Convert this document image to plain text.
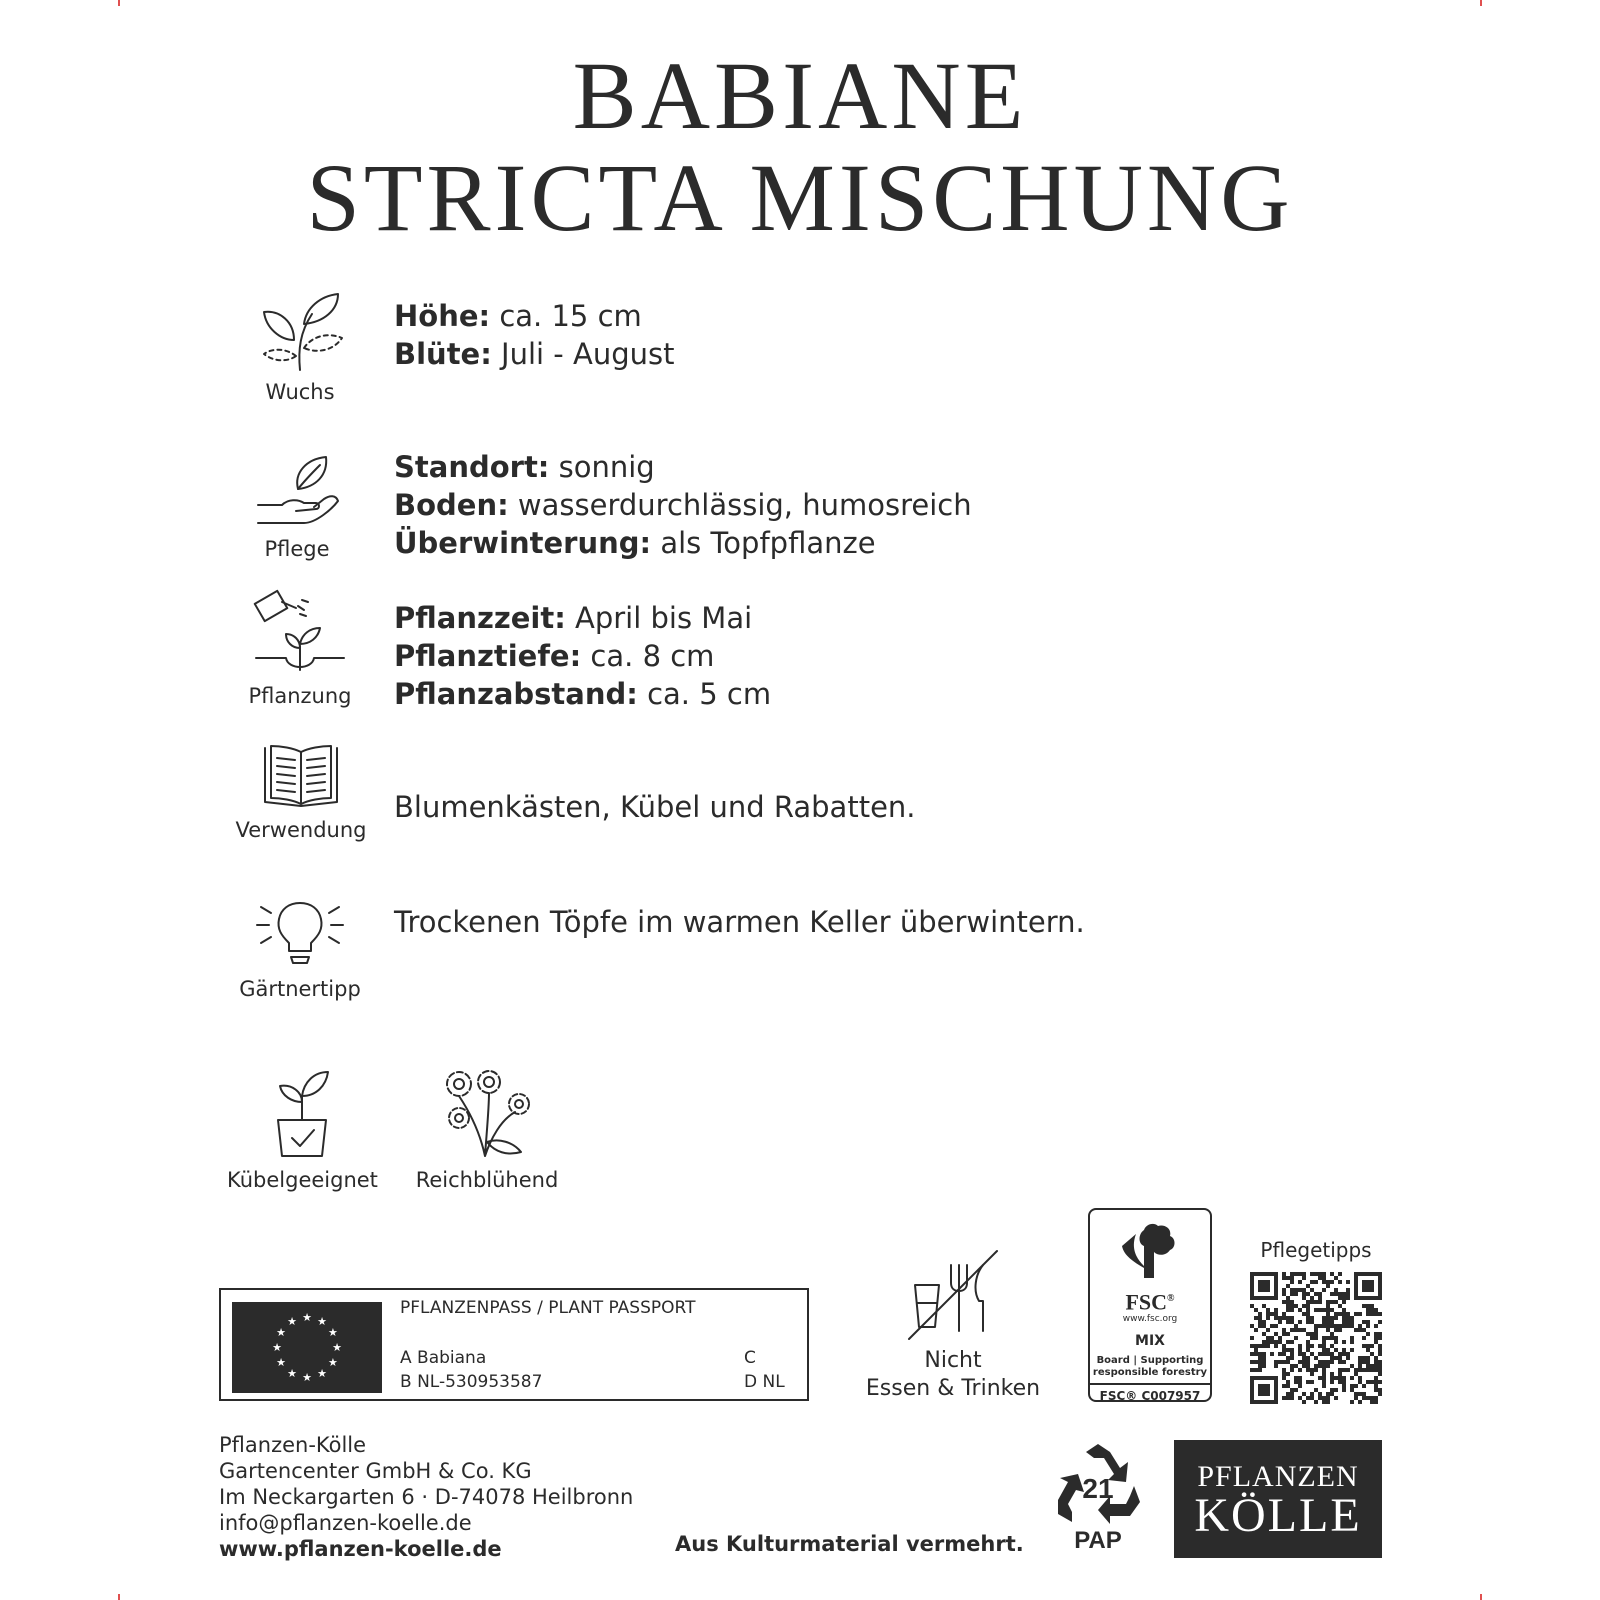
BABIANE
STRICTA MISCHUNG
Wuchs
Höhe: ca. 15 cm
Blüte: Juli - August
Pflege
Standort: sonnig
Boden: wasserdurchlässig, humosreich
Überwinterung: als Topfpflanze
Pflanzung
Pflanzzeit: April bis Mai
Pflanztiefe: ca. 8 cm
Pflanzabstand: ca. 5 cm
Verwendung
Blumenkästen, Kübel und Rabatten.
Gärtnertipp
Trockenen Töpfe im warmen Keller überwintern.
Kübelgeeignet Reichblühend
★ ★
★
★
★
★
★
★
★
★
★
★
PFLANZENPASS / PLANT PASSPORT
A Babiana
B NL-530953587
C
D NL
Nicht
Essen & Trinken
FSC®
www.fsc.org
MIX
Board | Supporting
responsible forestry
FSC® C007957
Pflegetipps
Pflanzen-Kölle
Gartencenter GmbH & Co. KG
Im Neckargarten 6 · D-74078 Heilbronn
info@pflanzen-koelle.de
www.pflanzen-koelle.de	Aus Kulturmaterial vermehrt.
21
PAP
PFLANZEN
KÖLLE
